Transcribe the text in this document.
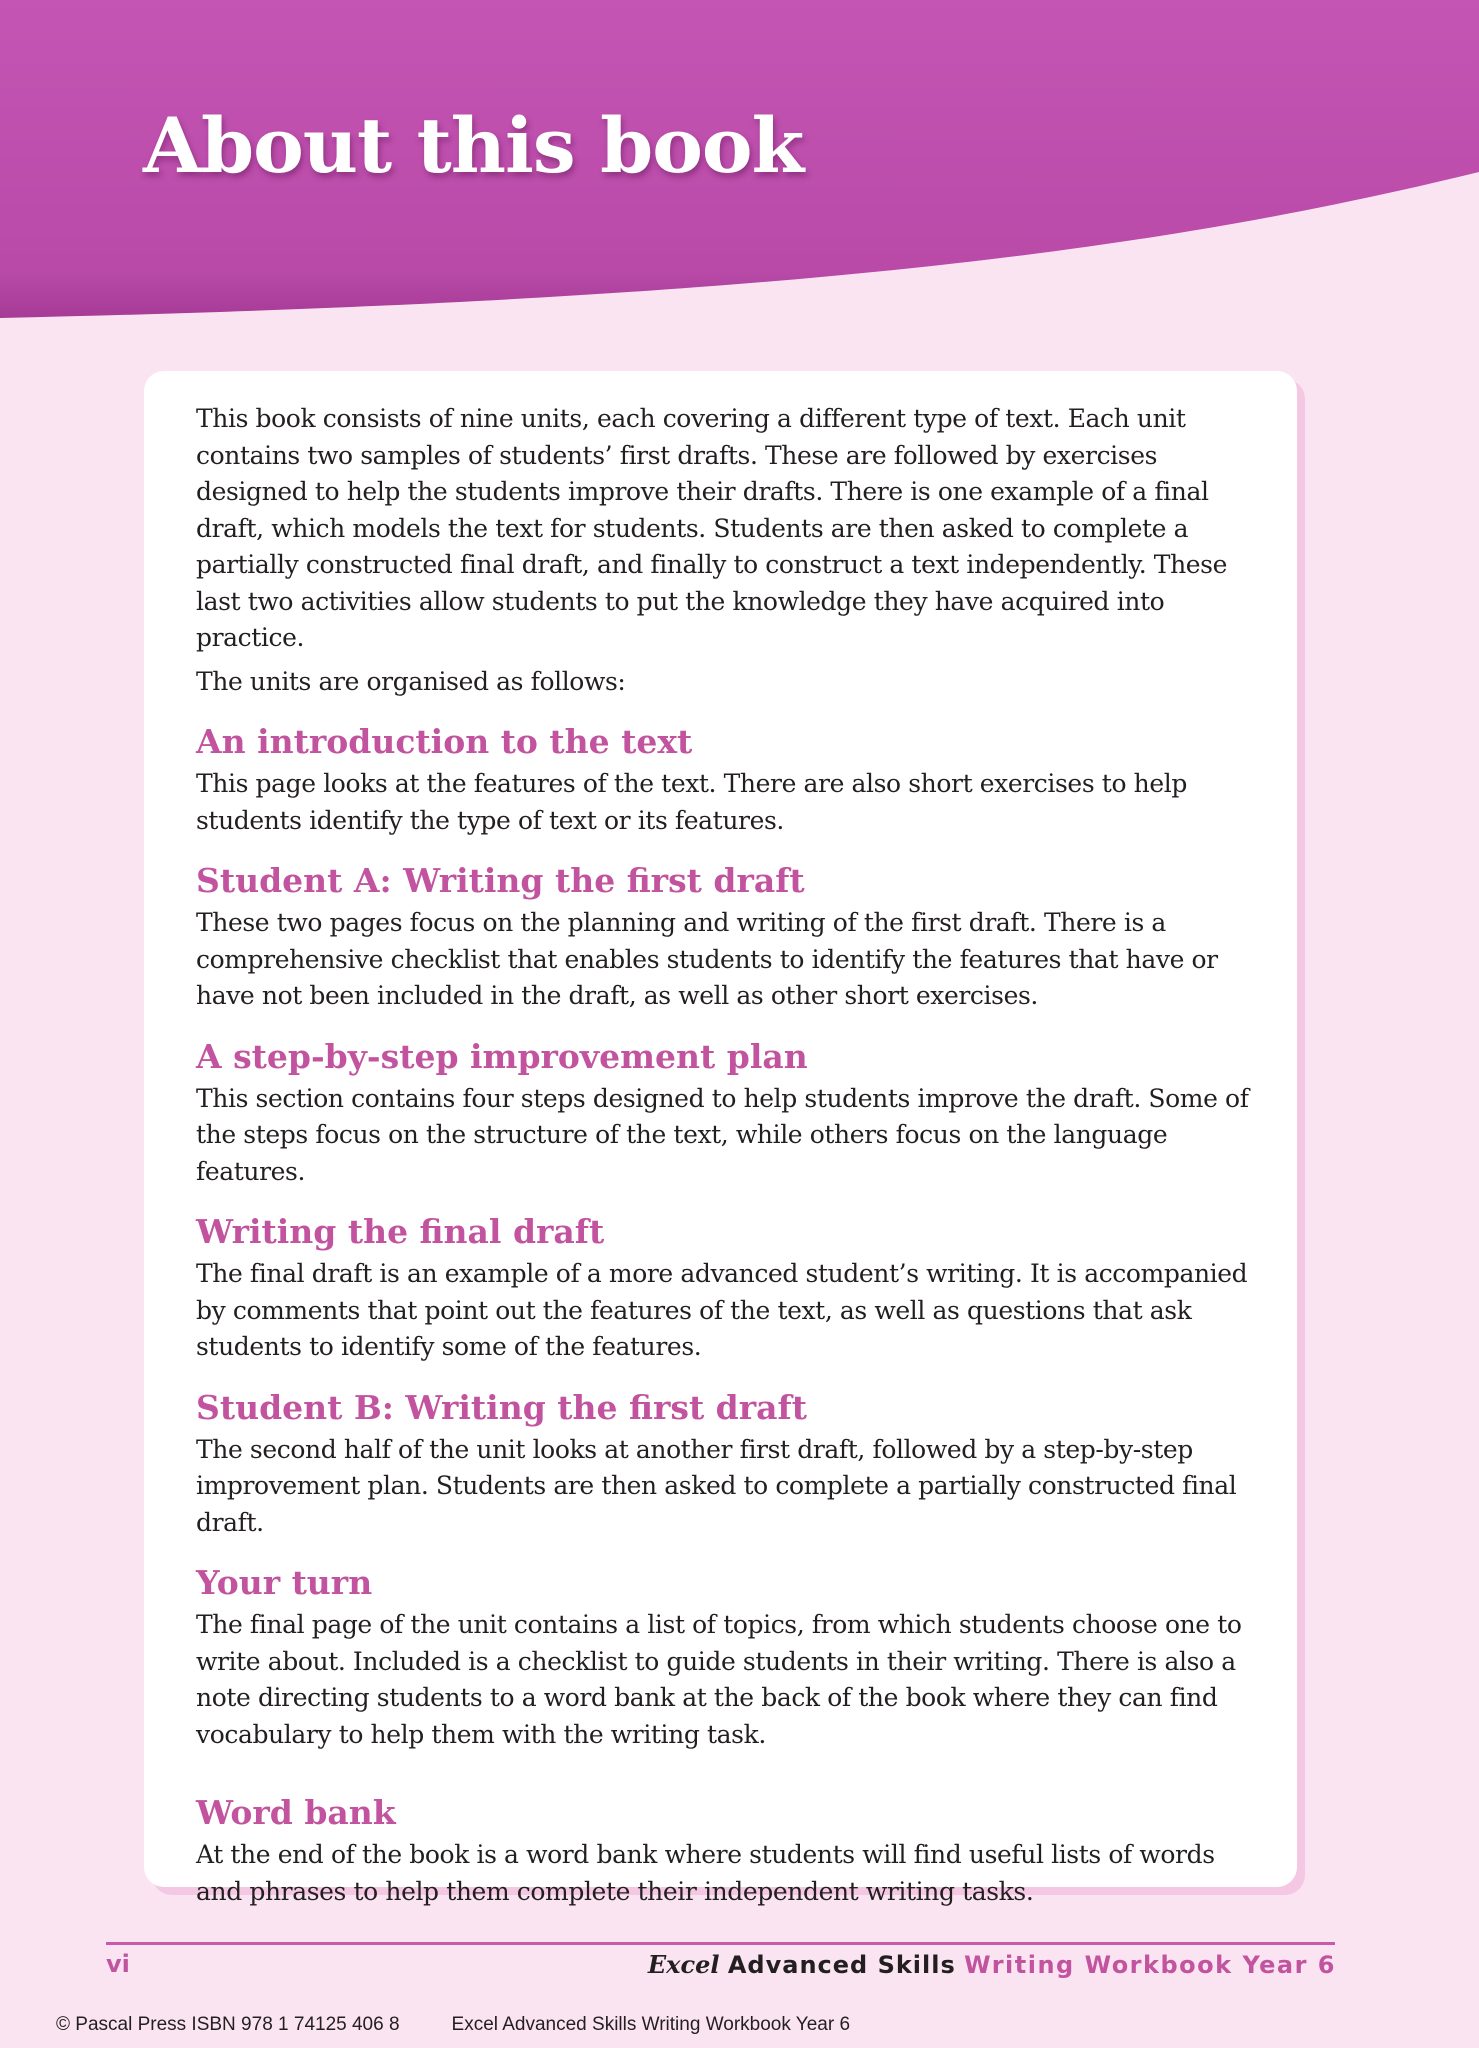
About this book

This book consists of nine units, each covering a different type of text. Each unit contains two samples of students’ first drafts. These are followed by exercises designed to help the students improve their drafts. There is one example of a final draft, which models the text for students. Students are then asked to complete a partially constructed final draft, and finally to construct a text independently. These last two activities allow students to put the knowledge they have acquired into practice.

The units are organised as follows:

An introduction to the text

This page looks at the features of the text. There are also short exercises to help students identify the type of text or its features.

Student A: Writing the first draft

These two pages focus on the planning and writing of the first draft. There is a comprehensive checklist that enables students to identify the features that have or have not been included in the draft, as well as other short exercises.

A step-by-step improvement plan

This section contains four steps designed to help students improve the draft. Some of the steps focus on the structure of the text, while others focus on the language features.

Writing the final draft

The final draft is an example of a more advanced student’s writing. It is accompanied by comments that point out the features of the text, as well as questions that ask students to identify some of the features.

Student B: Writing the first draft

The second half of the unit looks at another first draft, followed by a step-by-step improvement plan. Students are then asked to complete a partially constructed final draft.

Your turn

The final page of the unit contains a list of topics, from which students choose one to write about. Included is a checklist to guide students in their writing. There is also a note directing students to a word bank at the back of the book where they can find vocabulary to help them with the writing task.

Word bank

At the end of the book is a word bank where students will find useful lists of words and phrases to help them complete their independent writing tasks.

vi	Excel Advanced Skills Writing Workbook Year 6
© Pascal Press ISBN 978 1 74125 406 8	Excel Advanced Skills Writing Workbook Year 6
